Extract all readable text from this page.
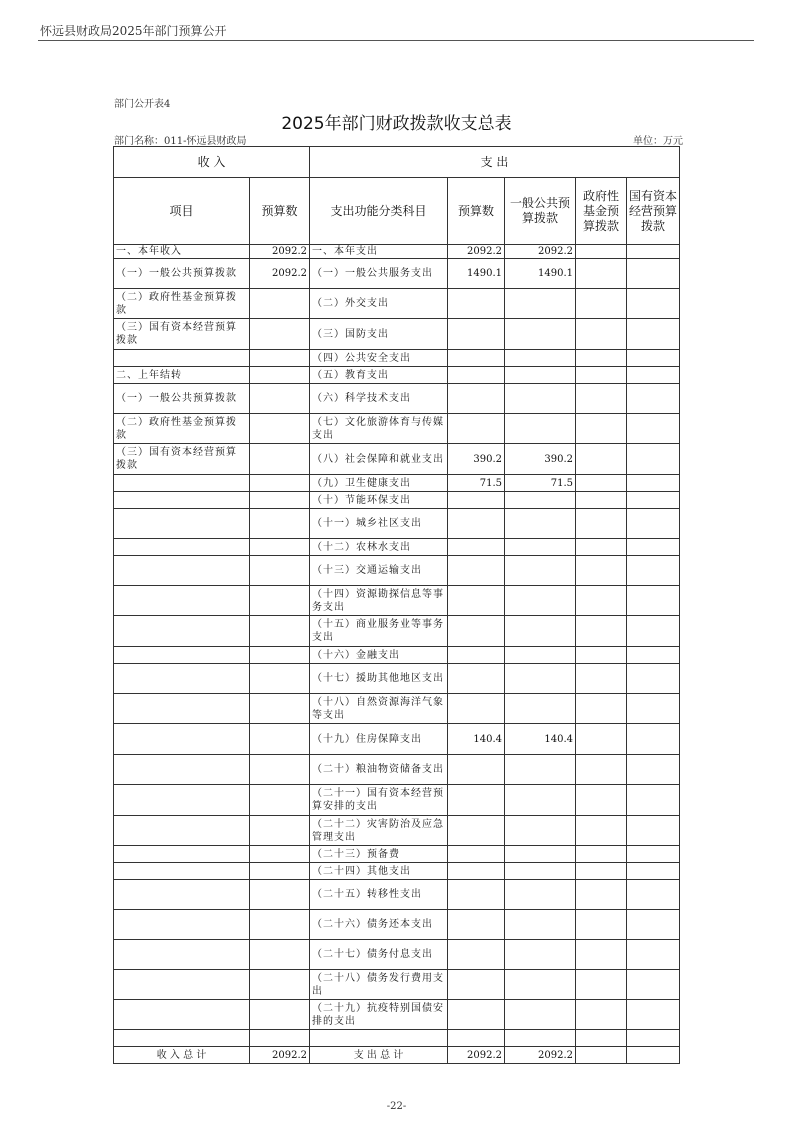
怀远县财政局2025年部门预算公开
部门公开表4
2025年部门财政拨款收支总表
部门名称：011-怀远县财政局	单位：万元
收 入		支 出				
项目	预算数	支出功能分类科目	预算数	一般公共预算拨款	政府性基金预算拨款	国有资本经营预算拨款
一、本年收入	2092.2	一、本年支出	2092.2	2092.2		
（一）一般公共预算拨款	2092.2	（一）一般公共服务支出	1490.1	1490.1		
（二）政府性基金预算拨款		（二）外交支出				
（三）国有资本经营预算拨款		（三）国防支出				
		（四）公共安全支出				
二、上年结转		（五）教育支出				
（一）一般公共预算拨款		（六）科学技术支出				
（二）政府性基金预算拨款		（七）文化旅游体育与传媒支出				
（三）国有资本经营预算拨款		（八）社会保障和就业支出	390.2	390.2		
		（九）卫生健康支出	71.5	71.5		
		（十）节能环保支出				
		（十一）城乡社区支出				
		（十二）农林水支出				
		（十三）交通运输支出				
		（十四）资源勘探信息等事务支出				
		（十五）商业服务业等事务支出				
		（十六）金融支出				
		（十七）援助其他地区支出				
		（十八）自然资源海洋气象等支出				
		（十九）住房保障支出	140.4	140.4		
		（二十）粮油物资储备支出				
		（二十一）国有资本经营预算安排的支出				
		（二十二）灾害防治及应急管理支出				
		（二十三）预备费				
		（二十四）其他支出				
		（二十五）转移性支出				
		（二十六）债务还本支出				
		（二十七）债务付息支出				
		（二十八）债务发行费用支出				
		（二十九）抗疫特别国债安排的支出				

收 入 总 计	2092.2	支 出 总 计	2092.2	2092.2		
-22-
